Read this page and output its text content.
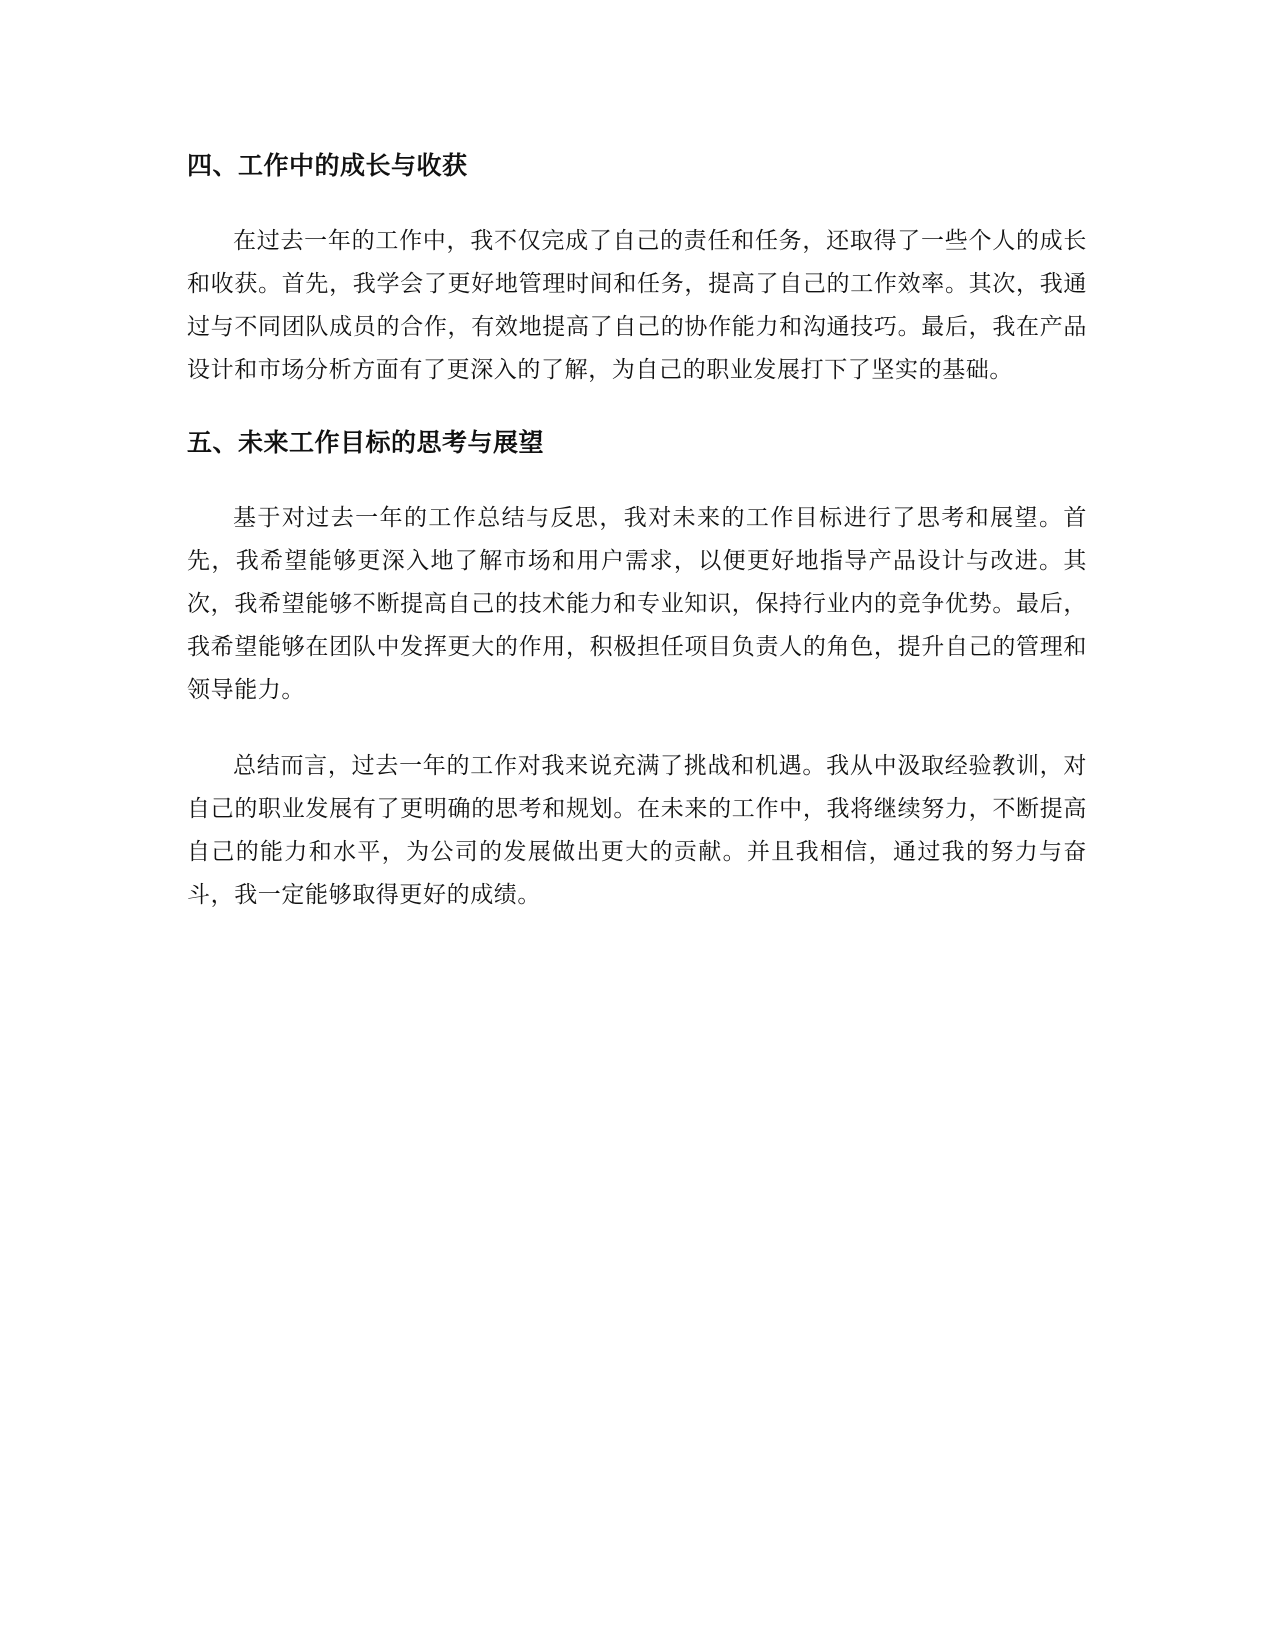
四、工作中的成长与收获

在过去一年的工作中，我不仅完成了自己的责任和任务，还取得了一些个人的成长和收获。首先，我学会了更好地管理时间和任务，提高了自己的工作效率。其次，我通过与不同团队成员的合作，有效地提高了自己的协作能力和沟通技巧。最后，我在产品设计和市场分析方面有了更深入的了解，为自己的职业发展打下了坚实的基础。

五、未来工作目标的思考与展望

基于对过去一年的工作总结与反思，我对未来的工作目标进行了思考和展望。首先，我希望能够更深入地了解市场和用户需求，以便更好地指导产品设计与改进。其次，我希望能够不断提高自己的技术能力和专业知识，保持行业内的竞争优势。最后，我希望能够在团队中发挥更大的作用，积极担任项目负责人的角色，提升自己的管理和领导能力。

总结而言，过去一年的工作对我来说充满了挑战和机遇。我从中汲取经验教训，对自己的职业发展有了更明确的思考和规划。在未来的工作中，我将继续努力，不断提高自己的能力和水平，为公司的发展做出更大的贡献。并且我相信，通过我的努力与奋斗，我一定能够取得更好的成绩。
